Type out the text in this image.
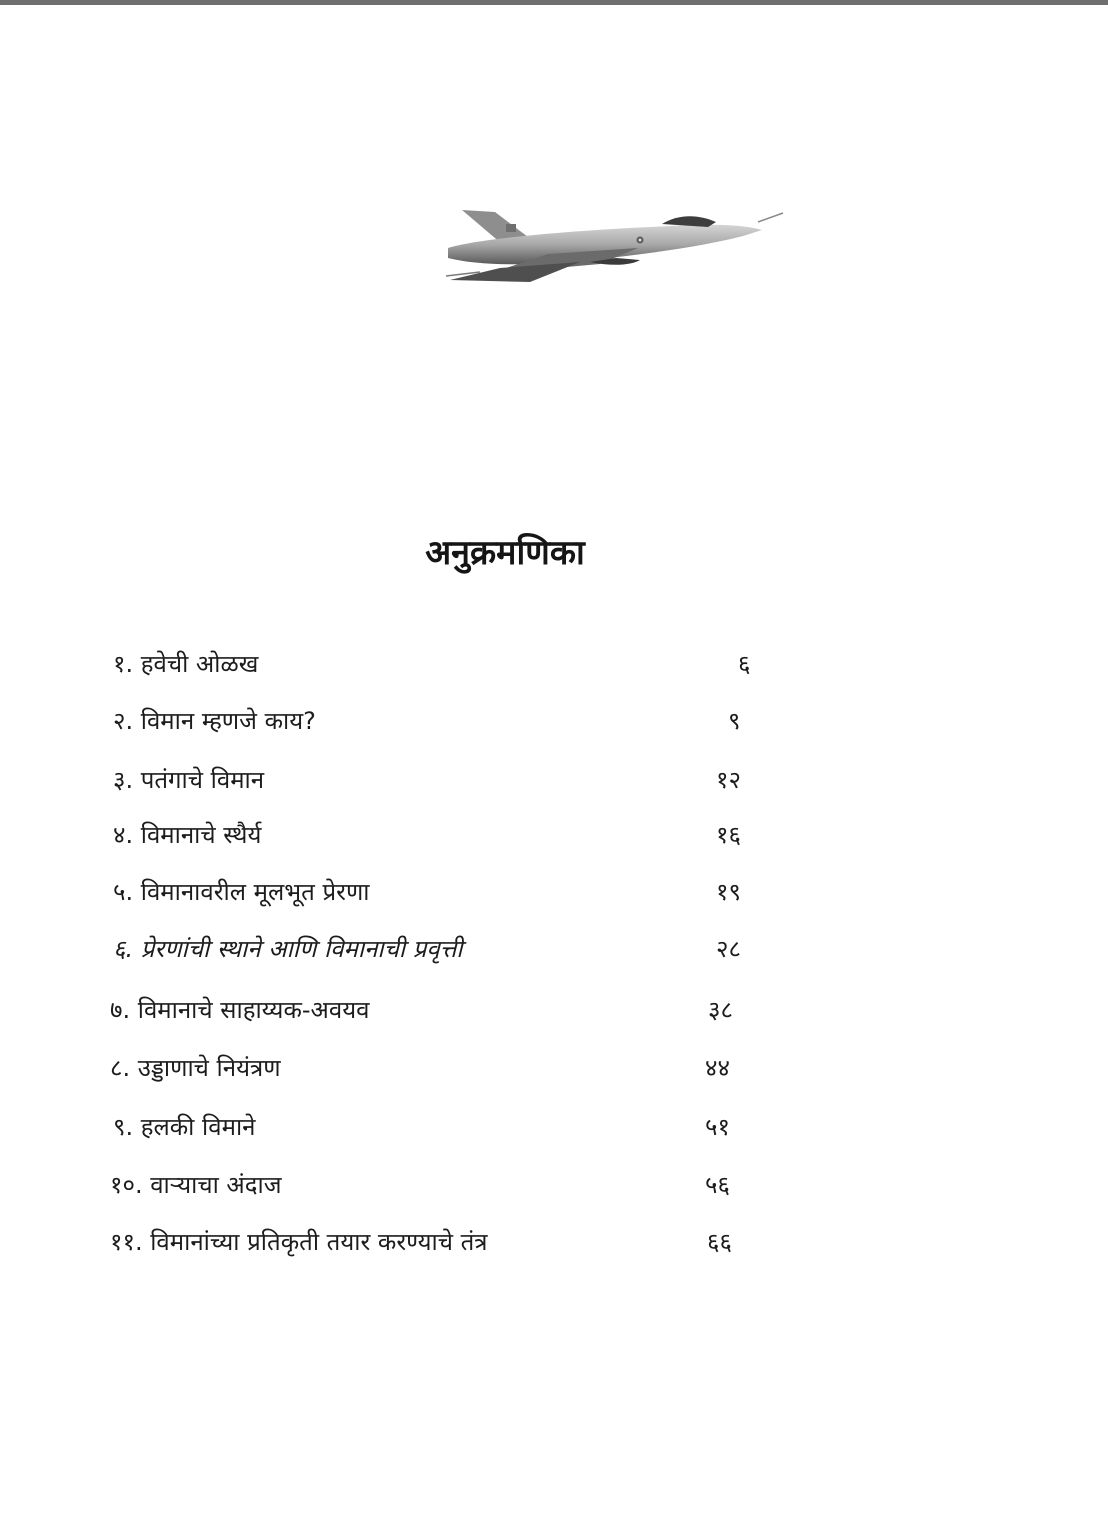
अनुक्रमणिका
१. हवेची ओळख	६
२. विमान म्हणजे काय?	९
३. पतंगाचे विमान	१२
४. विमानाचे स्थैर्य	१६
५. विमानावरील मूलभूत प्रेरणा	१९
६. प्रेरणांची स्थाने आणि विमानाची प्रवृत्ती	२८
७. विमानाचे साहाय्यक-अवयव	३८
८. उड्डाणाचे नियंत्रण	४४
९. हलकी विमाने	५१
१०. वाऱ्याचा अंदाज	५६
११. विमानांच्या प्रतिकृती तयार करण्याचे तंत्र	६६
